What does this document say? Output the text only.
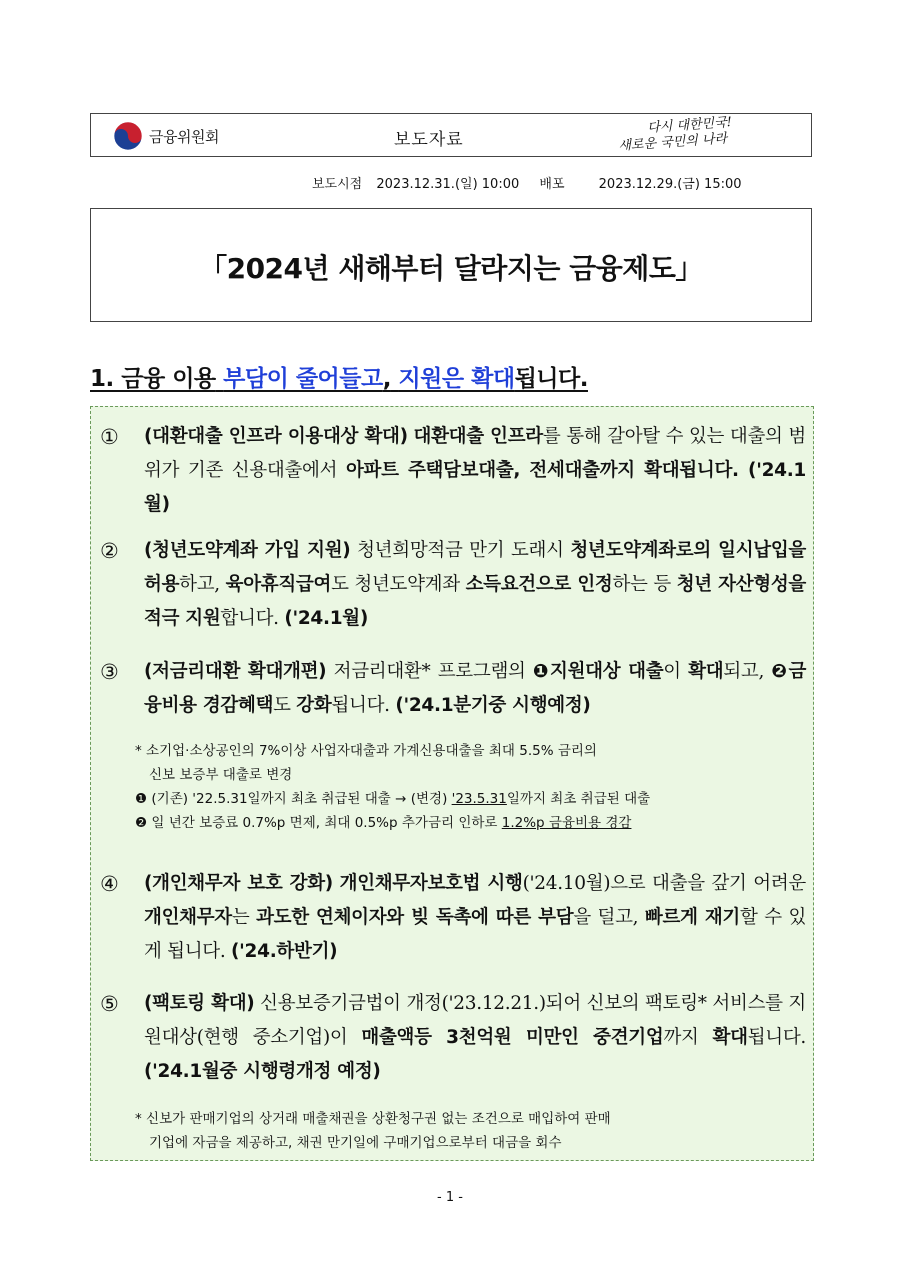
금융위원회	보도자료
다시 대한민국!
새로운 국민의 나라
보도시점 2023.12.31.(일) 10:00 배포	2023.12.29.(금) 15:00
「2024년 새해부터 달라지는 금융제도」
1. 금융 이용 부담이 줄어들고, 지원은 확대됩니다.
① (대환대출 인프라 이용대상 확대) 대환대출 인프라를 통해 갈아탈 수 있는 대출의 범위가 기존 신용대출에서 아파트 주택담보대출, 전세대출까지 확대됩니다. ('24.1월)
② (청년도약계좌 가입 지원) 청년희망적금 만기 도래시 청년도약계좌로의 일시납입을 허용하고, 육아휴직급여도 청년도약계좌 소득요건으로 인정하는 등 청년 자산형성을 적극 지원합니다. ('24.1월)
③ (저금리대환 확대개편) 저금리대환* 프로그램의 ❶지원대상 대출이 확대되고, ❷금융비용 경감혜택도 강화됩니다. ('24.1분기중 시행예정)
* 소기업·소상공인의 7%이상 사업자대출과 가계신용대출을 최대 5.5% 금리의
신보 보증부 대출로 변경
❶ (기존) '22.5.31일까지 최초 취급된 대출 → (변경) '23.5.31일까지 최초 취급된 대출
❷ 일 년간 보증료 0.7%p 면제, 최대 0.5%p 추가금리 인하로 1.2%p 금융비용 경감
④ (개인채무자 보호 강화) 개인채무자보호법 시행('24.10월)으로 대출을 갚기 어려운 개인채무자는 과도한 연체이자와 빚 독촉에 따른 부담을 덜고, 빠르게 재기할 수 있게 됩니다. ('24.하반기)
⑤ (팩토링 확대) 신용보증기금법이 개정('23.12.21.)되어 신보의 팩토링* 서비스를 지원대상(현행 중소기업)이 매출액등 3천억원 미만인 중견기업까지 확대됩니다. ('24.1월중 시행령개정 예정)
* 신보가 판매기업의 상거래 매출채권을 상환청구권 없는 조건으로 매입하여 판매
기업에 자금을 제공하고, 채권 만기일에 구매기업으로부터 대금을 회수
- 1 -
